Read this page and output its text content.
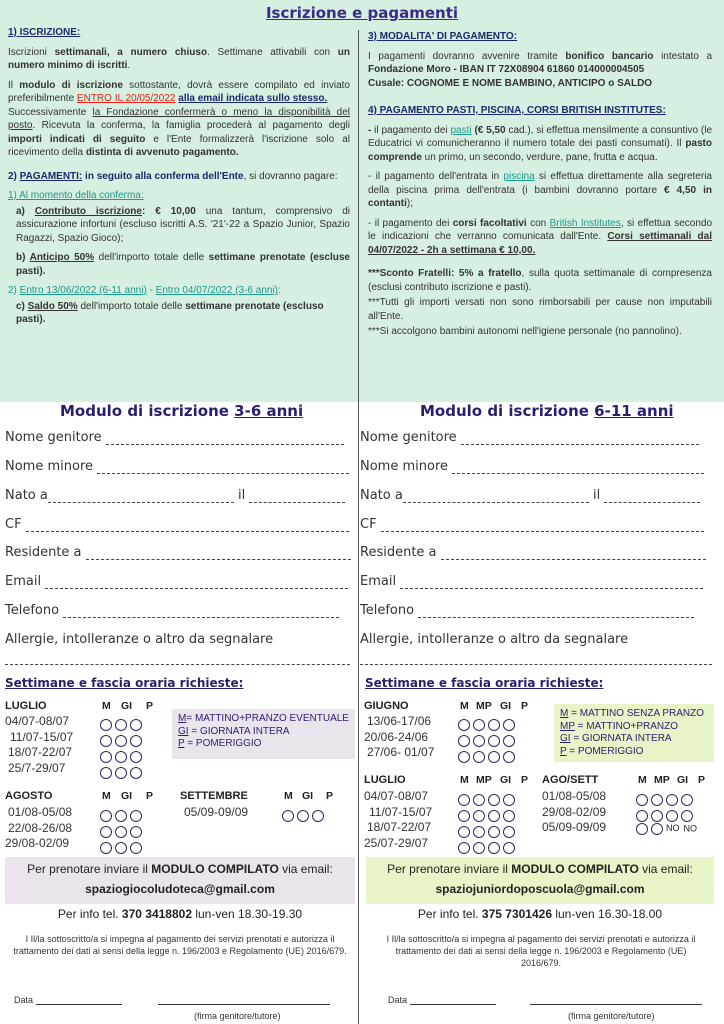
Iscrizione e pagamenti

1) ISCRIZIONE:

Iscrizioni settimanali, a numero chiuso. Settimane attivabili con un numero minimo di iscritti.

Il modulo di iscrizione sottostante, dovrà essere compilato ed inviato preferibilmente ENTRO IL 20/05/2022 alla email indicata sullo stesso.

Successivamente la Fondazione confermerà o meno la disponibilità del posto. Ricevuta la conferma, la famiglia procederà al pagamento degli importi indicati di seguito e l'Ente formalizzerà l'iscrizione solo al ricevimento della distinta di avvenuto pagamento.

2) PAGAMENTI: in seguito alla conferma dell'Ente, si dovranno pagare:

1) Al momento della conferma:

a) Contributo iscrizione: € 10,00 una tantum, comprensivo di assicurazione infortuni (escluso iscritti A.S. '21'-22 a Spazio Junior, Spazio Ragazzi, Spazio Gioco);

b) Anticipo 50% dell'importo totale delle settimane prenotate (escluse pasti).

2) Entro 13/06/2022 (6-11 anni) - Entro 04/07/2022 (3-6 anni):

c) Saldo 50% dell'importo totale delle settimane prenotate (escluso pasti).

3) MODALITA' DI PAGAMENTO:

I pagamenti dovranno avvenire tramite bonifico bancario intestato a Fondazione Moro - IBAN IT 72X08904 61860 014000004505
Cusale: COGNOME E NOME BAMBINO, ANTICIPO o SALDO

4) PAGAMENTO PASTI, PISCINA, CORSI BRITISH INSTITUTES:

- il pagamento dei pasti (€ 5,50 cad.), si effettua mensilmente a consuntivo (le Educatrici vi comunicheranno il numero totale dei pasti consumati). Il pasto comprende un primo, un secondo, verdure, pane, frutta e acqua.

- il pagamento dell'entrata in piscina si effettua direttamente alla segreteria della piscina prima dell'entrata (i bambini dovranno portare € 4,50 in contanti);

- il pagamento dei corsi facoltativi con British Institutes, si effettua secondo le indicazioni che verranno comunicata dall'Ente. Corsi settimanali dal 04/07/2022 - 2h a settimana € 10,00.

***Sconto Fratelli: 5% a fratello, sulla quota settimanale di compresenza (esclusi contributo iscrizione e pasti).

***Tutti gli importi versati non sono rimborsabili per cause non imputabili all'Ente.

***Si accolgono bambini autonomi nell'igiene personale (no pannolino).

Modulo di iscrizione 3-6 anni
Nome genitore
Nome minore
Nato a	il
CF
Residente a
Email
Telefono
Allergie, intolleranze o altro da segnalare
Settimane e fascia oraria richieste:
LUGLIO	M GI P
04/07-08/07
11/07-15/07
18/07-22/07
25/7-29/07
M= MATTINO+PRANZO EVENTUALE
GI = GIORNATA INTERA
P = POMERIGGIO
AGOSTO	M GI P
01/08-05/08
22/08-26/08
29/08-02/09
SETTEMBRE	M GI P
05/09-09/09
Per prenotare inviare il MODULO COMPILATO via email:
spaziogiocoludoteca@gmail.com
Per info tel. 370 3418802 lun-ven 18.30-19.30
I Il/la sottoscritto/a si impegna al pagamento dei servizi prenotati e autorizza il trattamento dei dati ai sensi della legge n. 196/2003 e Regolamento (UE) 2016/679.
Data
(firma genitore/tutore)
Modulo di iscrizione 6-11 anni
Nome genitore
Nome minore
Nato a	il
CF
Residente a
Email
Telefono
Allergie, intolleranze o altro da segnalare
Settimane e fascia oraria richieste:
GIUGNO	M MP GI P
13/06-17/06
20/06-24/06
27/06- 01/07
M = MATTINO SENZA PRANZO
MP = MATTINO+PRANZO
GI = GIORNATA INTERA
P = POMERIGGIO
LUGLIO	M MP GI P
04/07-08/07
11/07-15/07
18/07-22/07
25/07-29/07
AGO/SETT	M MP GI P
01/08-05/08
29/08-02/09
05/09-09/09	NO NO
Per prenotare inviare il MODULO COMPILATO via email:
spaziojuniordoposcuola@gmail.com
Per info tel. 375 7301426 lun-ven 16.30-18.00
I Il/la sottoscritto/a si impegna al pagamento dei servizi prenotati e autorizza il trattamento dei dati ai sensi della legge n. 196/2003 e Regolamento (UE) 2016/679.
Data
(firma genitore/tutore)
